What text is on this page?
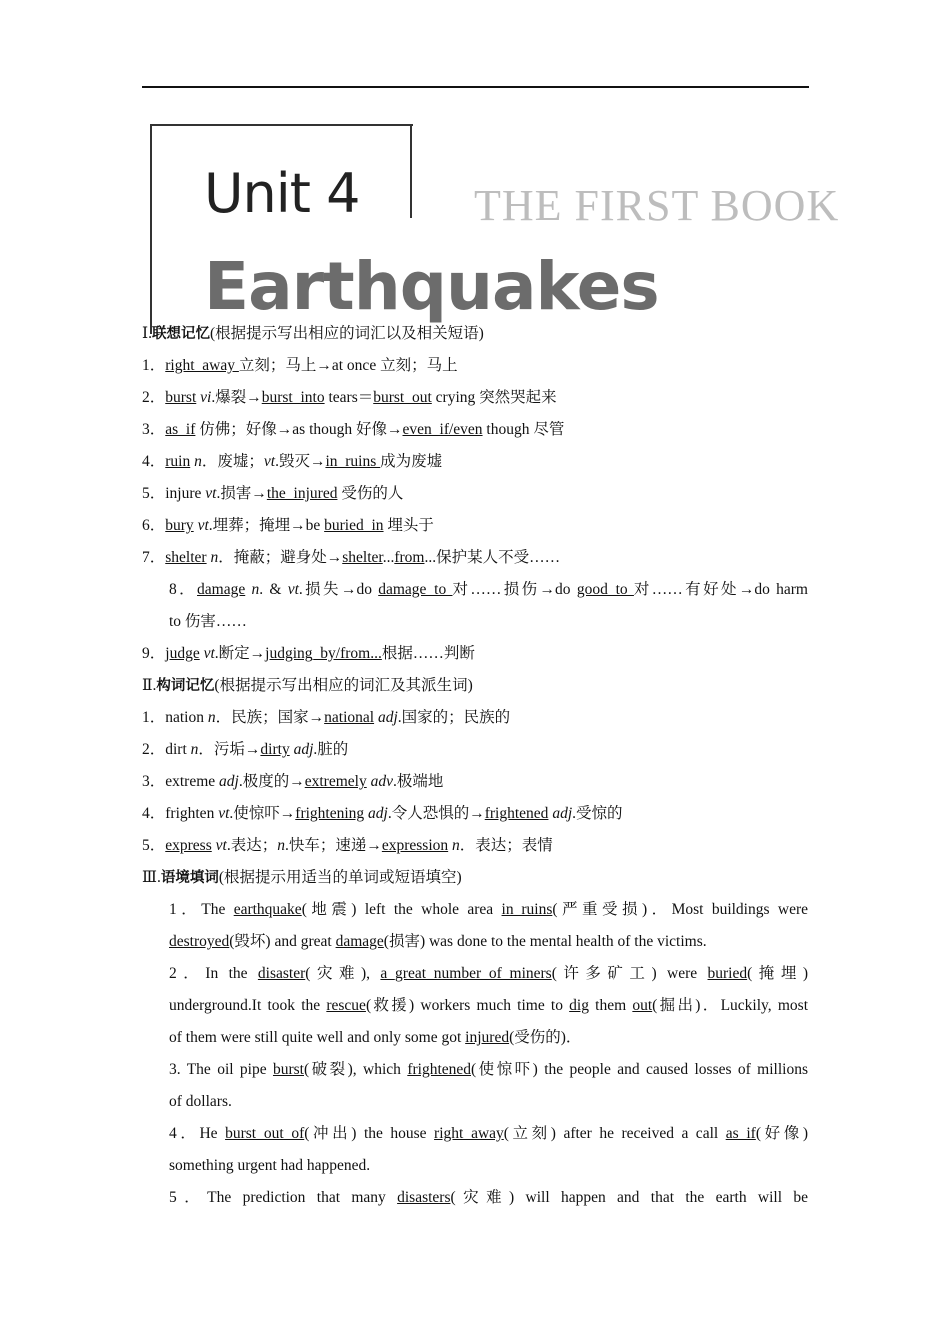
Unit 4	THE FIRST BOOK
Earthquakes
Ⅰ.联想记忆(根据提示写出相应的词汇以及相关短语)
1．right_away 立刻；马上→at once 立刻；马上
2．burst vi.爆裂→burst_into tears＝burst_out crying 突然哭起来
3．as_if 仿佛；好像→as though 好像→even_if/even though 尽管
4．ruin n．废墟；vt.毁灭→in_ruins 成为废墟
5．injure vt.损害→the_injured 受伤的人
6．bury vt.埋葬；掩埋→be buried_in 埋头于
7．shelter n．掩蔽；避身处→shelter...from...保护某人不受……
8．damage n. & vt.损失→do damage_to 对……损伤→do good_to 对……有好处→do harm
to 伤害……
9．judge vt.断定→judging_by/from...根据……判断
Ⅱ.构词记忆(根据提示写出相应的词汇及其派生词)
1．nation n．民族；国家→national adj.国家的；民族的
2．dirt n．污垢→dirty adj.脏的
3．extreme adj.极度的→extremely adv.极端地
4．frighten vt.使惊吓→frightening adj.令人恐惧的→frightened adj.受惊的
5．express vt.表达；n.快车；速递→expression n．表达；表情
Ⅲ.语境填词(根据提示用适当的单词或短语填空)
1．The earthquake(地震) left the whole area in_ruins(严重受损)．Most buildings were
destroyed(毁坏) and great damage(损害) was done to the mental health of the victims.
2．In the disaster(灾难), a_great_number_of_miners(许多矿工) were buried(掩埋)
underground.It took the rescue(救援) workers much time to dig them out(掘出)．Luckily, most
of them were still quite well and only some got injured(受伤的)．
3. The oil pipe burst(破裂), which frightened(使惊吓) the people and caused losses of millions
of dollars.
4．He burst_out_of(冲出) the house right_away(立刻) after he received a call as_if(好像)
something urgent had happened.
5．The prediction that many disasters(灾难) will happen and that the earth will be
